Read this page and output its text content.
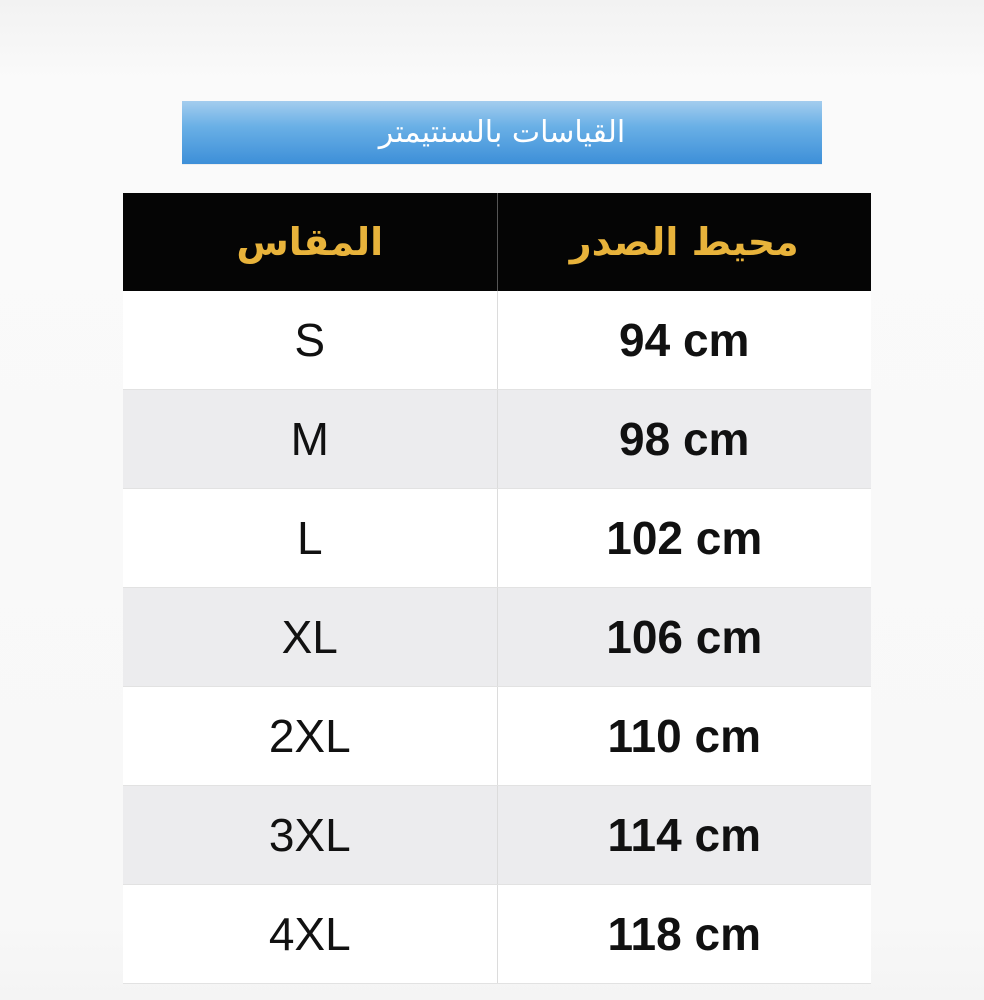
القياسات بالسنتيمتر
المقاس	محيط الصدر
S	94 cm
M	98 cm
L	102 cm
XL	106 cm
2XL	110 cm
3XL	114 cm
4XL	118 cm
